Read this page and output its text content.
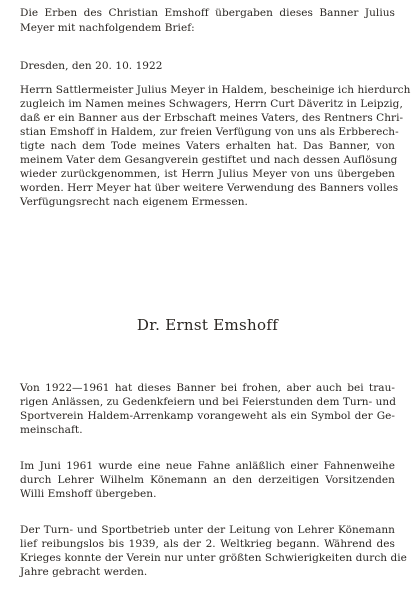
Die Erben des Christian Emshoff übergaben dieses Banner Julius
Meyer mit nachfolgendem Brief:
Dresden, den 20. 10. 1922
Herrn Sattlermeister Julius Meyer in Haldem, bescheinige ich hierdurch
zugleich im Namen meines Schwagers, Herrn Curt Däveritz in Leipzig,
daß er ein Banner aus der Erbschaft meines Vaters, des Rentners Chri-
stian Emshoff in Haldem, zur freien Verfügung von uns als Erbberech-
tigte nach dem Tode meines Vaters erhalten hat. Das Banner, von
meinem Vater dem Gesangverein gestiftet und nach dessen Auflösung
wieder zurückgenommen, ist Herrn Julius Meyer von uns übergeben
worden. Herr Meyer hat über weitere Verwendung des Banners volles
Verfügungsrecht nach eigenem Ermessen.
Dr. Ernst Emshoff
Von 1922—1961 hat dieses Banner bei frohen, aber auch bei trau-
rigen Anlässen, zu Gedenkfeiern und bei Feierstunden dem Turn- und
Sportverein Haldem-Arrenkamp vorangeweht als ein Symbol der Ge-
meinschaft.
Im Juni 1961 wurde eine neue Fahne anläßlich einer Fahnenweihe
durch Lehrer Wilhelm Könemann an den derzeitigen Vorsitzenden
Willi Emshoff übergeben.
Der Turn- und Sportbetrieb unter der Leitung von Lehrer Könemann
lief reibungslos bis 1939, als der 2. Weltkrieg begann. Während des
Krieges konnte der Verein nur unter größten Schwierigkeiten durch die
Jahre gebracht werden.
